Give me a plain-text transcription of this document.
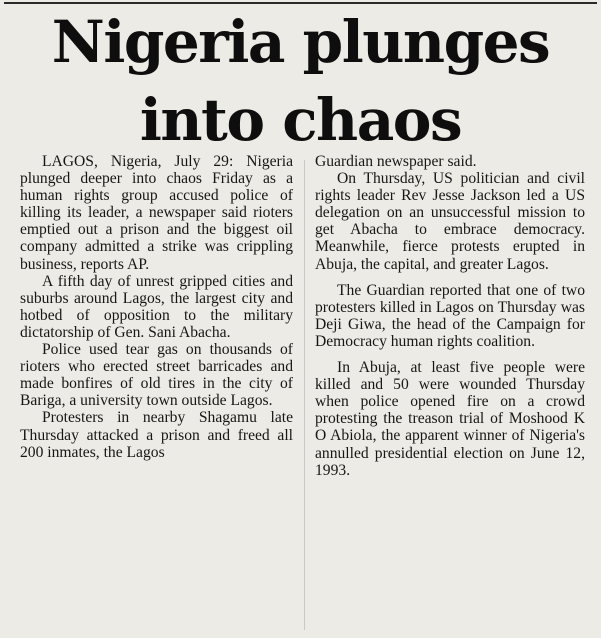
Nigeria plunges
into chaos

LAGOS, Nigeria, July 29: Nigeria plunged deeper into chaos Friday as a human rights group accused police of killing its leader, a newspaper said rioters emptied out a prison and the biggest oil company admitted a strike was crippling business, reports AP.

A fifth day of unrest gripped cities and suburbs around Lagos, the largest city and hotbed of opposition to the military dictatorship of Gen. Sani Abacha.

Police used tear gas on thousands of rioters who erected street barricades and made bonfires of old tires in the city of Bariga, a university town outside Lagos.

Protesters in nearby Shagamu late Thursday attacked a prison and freed all 200 inmates, the Lagos

Guardian newspaper said.

On Thursday, US politician and civil rights leader Rev Jesse Jackson led a US delegation on an unsuccessful mission to get Abacha to embrace democracy. Meanwhile, fierce protests erupted in Abuja, the capital, and greater Lagos.

The Guardian reported that one of two protesters killed in Lagos on Thursday was Deji Giwa, the head of the Campaign for Democracy human rights coalition.

In Abuja, at least five people were killed and 50 were wounded Thursday when police opened fire on a crowd protesting the treason trial of Moshood K O Abiola, the apparent winner of Nigeria's annulled presidential election on June 12, 1993.
